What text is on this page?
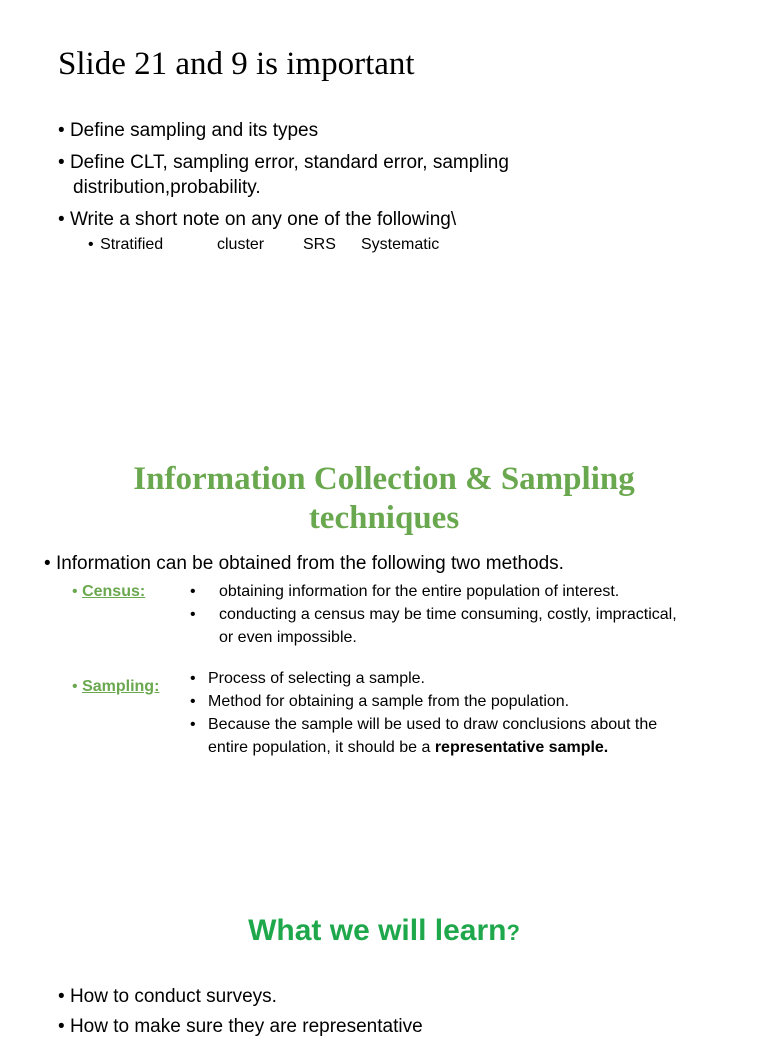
Slide 21 and 9 is important
• Define sampling and its types
• Define CLT, sampling error, standard error, sampling
distribution,probability.
• Write a short note on any one of the following\
• Stratified	cluster SRS Systematic
Information Collection & Sampling
techniques
• Information can be obtained from the following two methods.
• Census:	• obtaining information for the entire population of interest.
• conducting a census may be time consuming, costly, impractical,
or even impossible.
• Sampling: • Process of selecting a sample.
• Method for obtaining a sample from the population.
• Because the sample will be used to draw conclusions about the
entire population, it should be a representative sample.
What we will learn?
• How to conduct surveys.
• How to make sure they are representative
